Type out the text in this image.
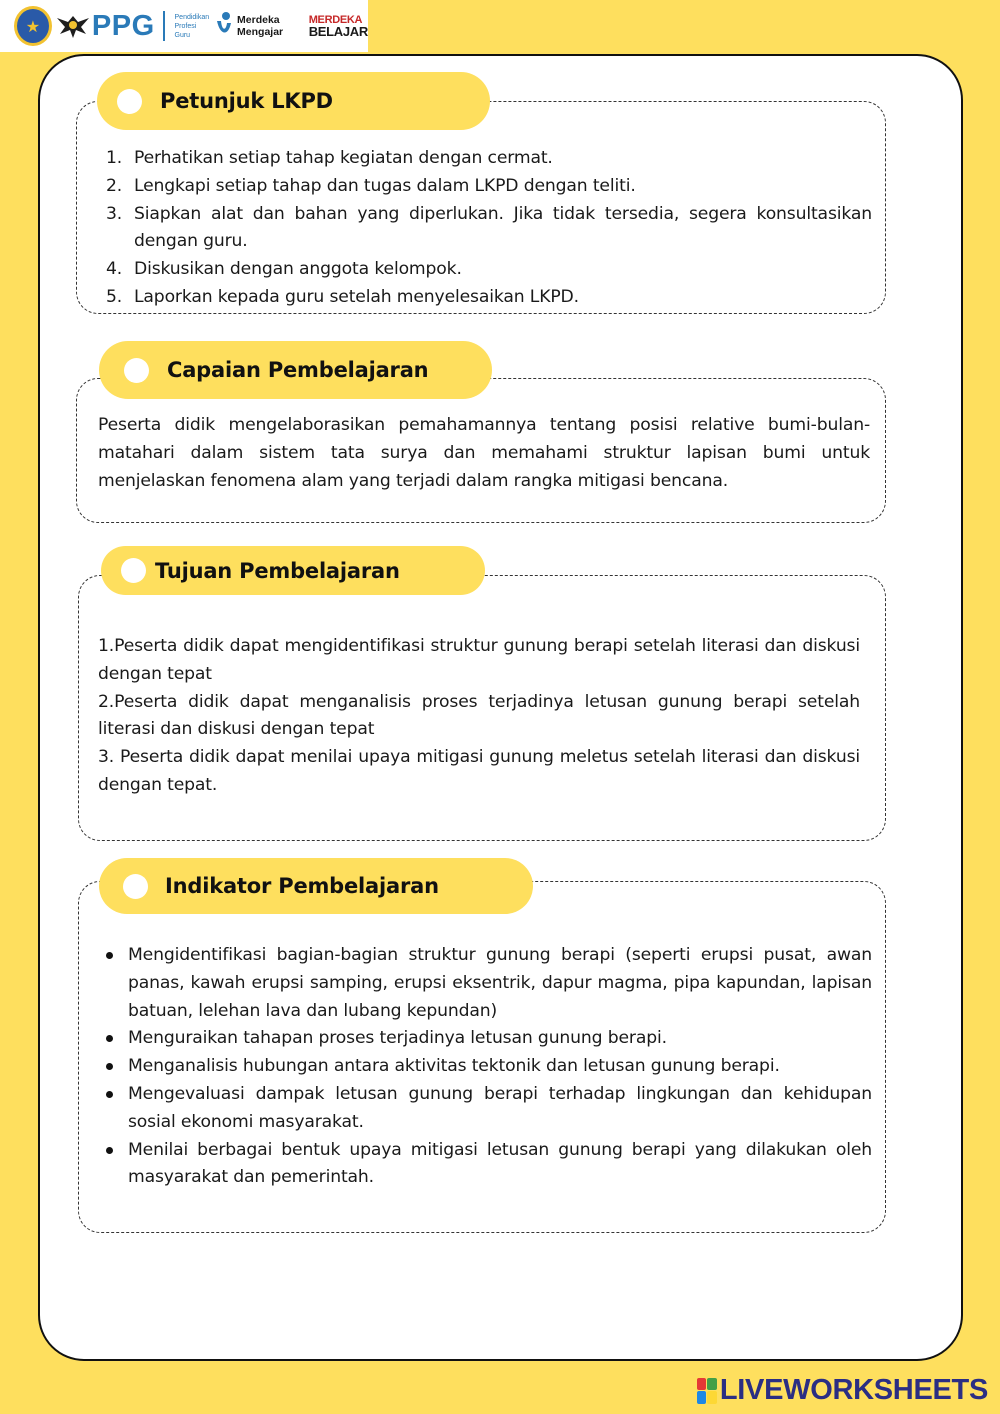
★	PPG	Pendidikan Profesi Guru
Merdeka Mengajar
MERDEKA
BELAJAR
Petunjuk LKPD
1. Perhatikan setiap tahap kegiatan dengan cermat.
2. Lengkapi setiap tahap dan tugas dalam LKPD dengan teliti.
3. Siapkan alat dan bahan yang diperlukan. Jika tidak tersedia, segera konsultasikan dengan guru.
4. Diskusikan dengan anggota kelompok.
5. Laporkan kepada guru setelah menyelesaikan LKPD.
Capaian Pembelajaran

Peserta didik mengelaborasikan pemahamannya tentang posisi relative bumi-bulan-matahari dalam sistem tata surya dan memahami struktur lapisan bumi untuk menjelaskan fenomena alam yang terjadi dalam rangka mitigasi bencana.

Tujuan Pembelajaran

1.Peserta didik dapat mengidentifikasi struktur gunung berapi setelah literasi dan diskusi dengan tepat

2.Peserta didik dapat menganalisis proses terjadinya letusan gunung berapi setelah literasi dan diskusi dengan tepat

3. Peserta didik dapat menilai upaya mitigasi gunung meletus setelah literasi dan diskusi dengan tepat.

Indikator Pembelajaran
Mengidentifikasi bagian-bagian struktur gunung berapi (seperti erupsi pusat, awan panas, kawah erupsi samping, erupsi eksentrik, dapur magma, pipa kapundan, lapisan batuan, lelehan lava dan lubang kepundan)
Menguraikan tahapan proses terjadinya letusan gunung berapi.
Menganalisis hubungan antara aktivitas tektonik dan letusan gunung berapi.
Mengevaluasi dampak letusan gunung berapi terhadap lingkungan dan kehidupan sosial ekonomi masyarakat.
Menilai berbagai bentuk upaya mitigasi letusan gunung berapi yang dilakukan oleh masyarakat dan pemerintah.
LIVEWORKSHEETS
